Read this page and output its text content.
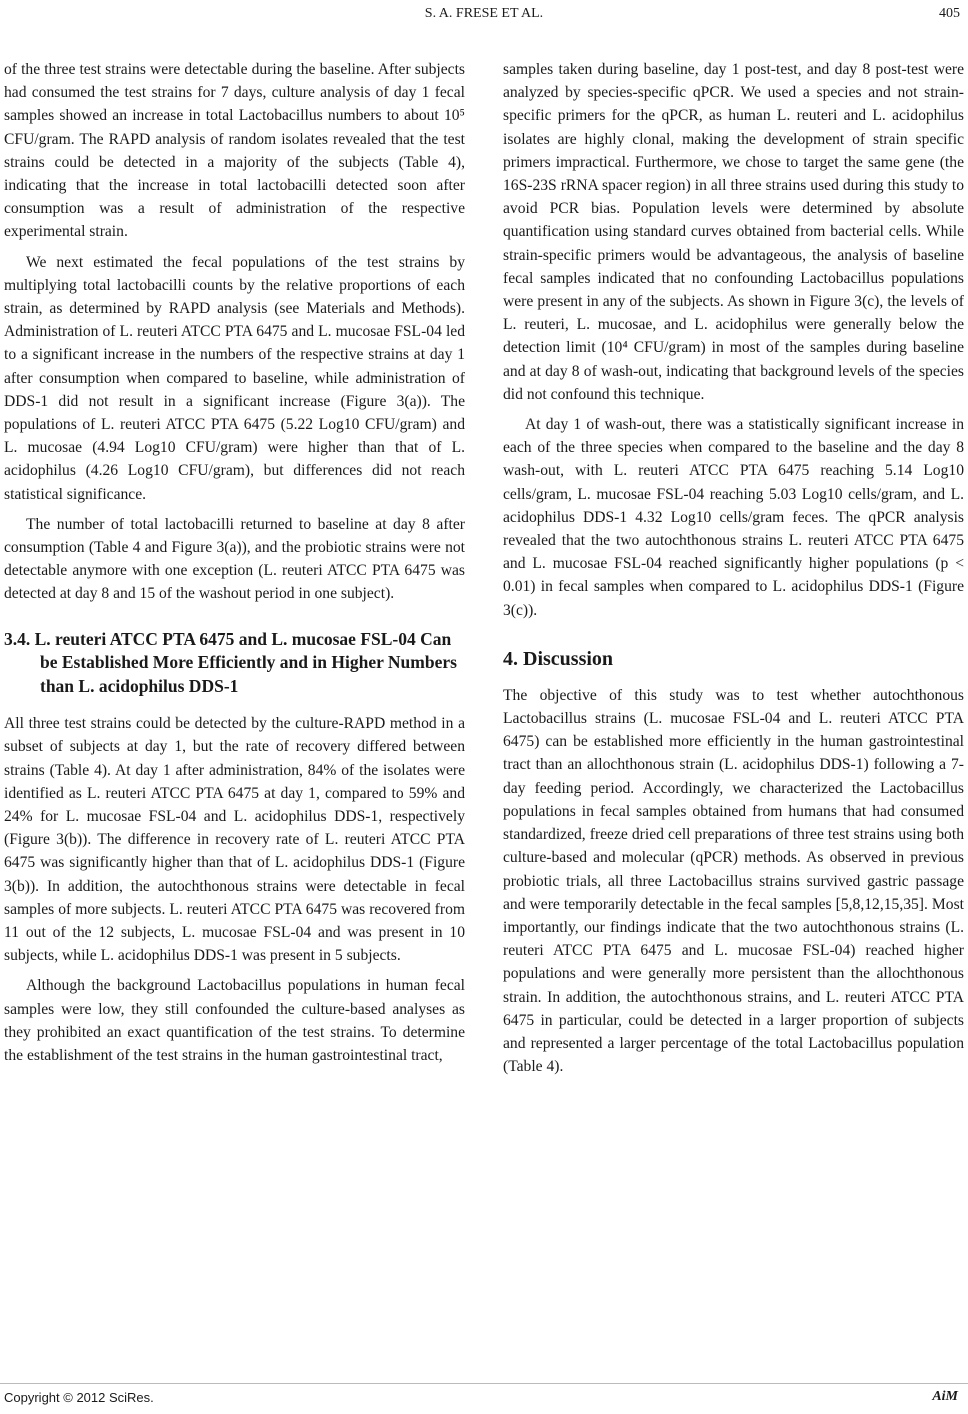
S. A. FRESE ET AL.	405

of the three test strains were detectable during the baseline. After subjects had consumed the test strains for 7 days, culture analysis of day 1 fecal samples showed an increase in total Lactobacillus numbers to about 10⁵ CFU/gram. The RAPD analysis of random isolates revealed that the test strains could be detected in a majority of the subjects (Table 4), indicating that the increase in total lactobacilli detected soon after consumption was a result of administration of the respective experimental strain.

We next estimated the fecal populations of the test strains by multiplying total lactobacilli counts by the relative proportions of each strain, as determined by RAPD analysis (see Materials and Methods). Administration of L. reuteri ATCC PTA 6475 and L. mucosae FSL-04 led to a significant increase in the numbers of the respective strains at day 1 after consumption when compared to baseline, while administration of DDS-1 did not result in a significant increase (Figure 3(a)). The populations of L. reuteri ATCC PTA 6475 (5.22 Log10 CFU/gram) and L. mucosae (4.94 Log10 CFU/gram) were higher than that of L. acidophilus (4.26 Log10 CFU/gram), but differences did not reach statistical significance.

The number of total lactobacilli returned to baseline at day 8 after consumption (Table 4 and Figure 3(a)), and the probiotic strains were not detectable anymore with one exception (L. reuteri ATCC PTA 6475 was detected at day 8 and 15 of the washout period in one subject).

3.4. L. reuteri ATCC PTA 6475 and L. mucosae FSL-04 Can be Established More Efficiently and in Higher Numbers than L. acidophilus DDS-1

All three test strains could be detected by the culture-RAPD method in a subset of subjects at day 1, but the rate of recovery differed between strains (Table 4). At day 1 after administration, 84% of the isolates were identified as L. reuteri ATCC PTA 6475 at day 1, compared to 59% and 24% for L. mucosae FSL-04 and L. acidophilus DDS-1, respectively (Figure 3(b)). The difference in recovery rate of L. reuteri ATCC PTA 6475 was significantly higher than that of L. acidophilus DDS-1 (Figure 3(b)). In addition, the autochthonous strains were detectable in fecal samples of more subjects. L. reuteri ATCC PTA 6475 was recovered from 11 out of the 12 subjects, L. mucosae FSL-04 and was present in 10 subjects, while L. acidophilus DDS-1 was present in 5 subjects.

Although the background Lactobacillus populations in human fecal samples were low, they still confounded the culture-based analyses as they prohibited an exact quantification of the test strains. To determine the establishment of the test strains in the human gastrointestinal tract,

samples taken during baseline, day 1 post-test, and day 8 post-test were analyzed by species-specific qPCR. We used a species and not strain-specific primers for the qPCR, as human L. reuteri and L. acidophilus isolates are highly clonal, making the development of strain specific primers impractical. Furthermore, we chose to target the same gene (the 16S-23S rRNA spacer region) in all three strains used during this study to avoid PCR bias. Population levels were determined by absolute quantification using standard curves obtained from bacterial cells. While strain-specific primers would be advantageous, the analysis of baseline fecal samples indicated that no confounding Lactobacillus populations were present in any of the subjects. As shown in Figure 3(c), the levels of L. reuteri, L. mucosae, and L. acidophilus were generally below the detection limit (10⁴ CFU/gram) in most of the samples during baseline and at day 8 of wash-out, indicating that background levels of the species did not confound this technique.

At day 1 of wash-out, there was a statistically significant increase in each of the three species when compared to the baseline and the day 8 wash-out, with L. reuteri ATCC PTA 6475 reaching 5.14 Log10 cells/gram, L. mucosae FSL-04 reaching 5.03 Log10 cells/gram, and L. acidophilus DDS-1 4.32 Log10 cells/gram feces. The qPCR analysis revealed that the two autochthonous strains L. reuteri ATCC PTA 6475 and L. mucosae FSL-04 reached significantly higher populations (p < 0.01) in fecal samples when compared to L. acidophilus DDS-1 (Figure 3(c)).

4. Discussion

The objective of this study was to test whether autochthonous Lactobacillus strains (L. mucosae FSL-04 and L. reuteri ATCC PTA 6475) can be established more efficiently in the human gastrointestinal tract than an allochthonous strain (L. acidophilus DDS-1) following a 7-day feeding period. Accordingly, we characterized the Lactobacillus populations in fecal samples obtained from humans that had consumed standardized, freeze dried cell preparations of three test strains using both culture-based and molecular (qPCR) methods. As observed in previous probiotic trials, all three Lactobacillus strains survived gastric passage and were temporarily detectable in the fecal samples [5,8,12,15,35]. Most importantly, our findings indicate that the two autochthonous strains (L. reuteri ATCC PTA 6475 and L. mucosae FSL-04) reached higher populations and were generally more persistent than the allochthonous strain. In addition, the autochthonous strains, and L. reuteri ATCC PTA 6475 in particular, could be detected in a larger proportion of subjects and represented a larger percentage of the total Lactobacillus population (Table 4).

Copyright © 2012 SciRes.	AiM
